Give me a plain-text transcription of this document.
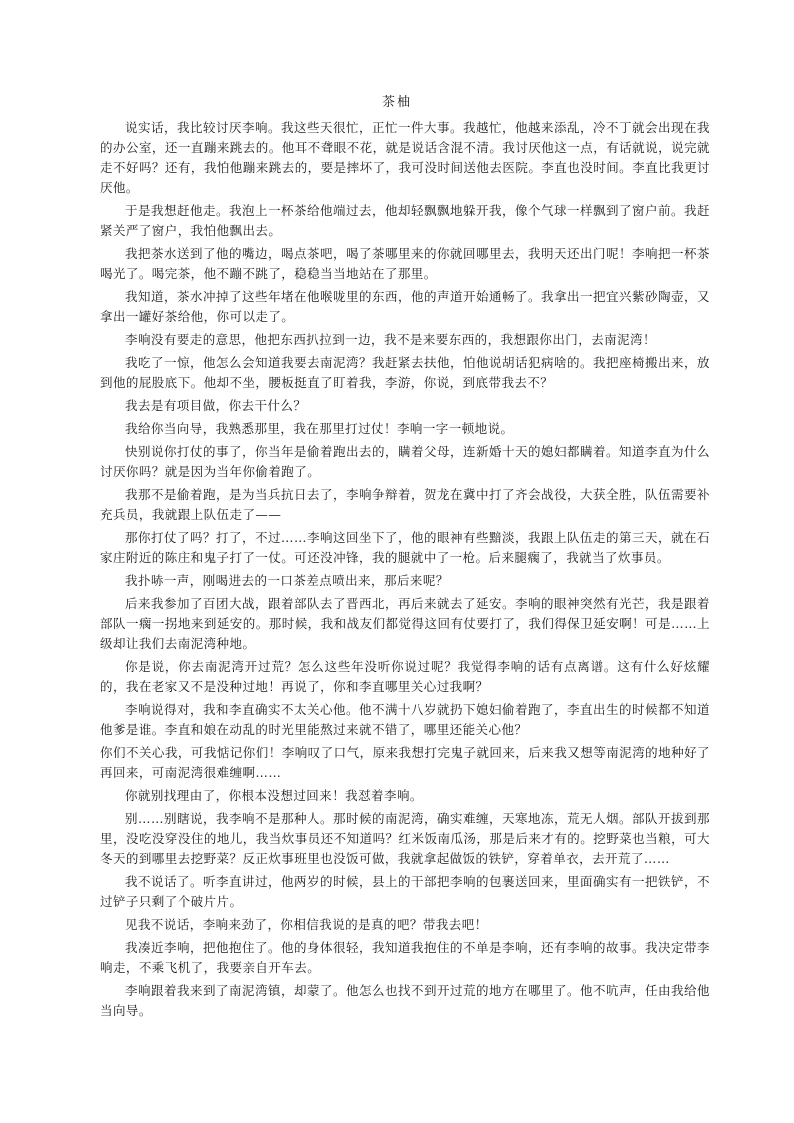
茶柚

说实话，我比较讨厌李响。我这些天很忙，正忙一件大事。我越忙，他越来添乱，冷不丁就会出现在我的办公室，还一直蹦来跳去的。他耳不聋眼不花，就是说话含混不清。我讨厌他这一点，有话就说，说完就走不好吗？还有，我怕他蹦来跳去的，要是摔坏了，我可没时间送他去医院。李直也没时间。李直比我更讨厌他。

于是我想赶他走。我泡上一杯茶给他端过去，他却轻飘飘地躲开我，像个气球一样飘到了窗户前。我赶紧关严了窗户，我怕他飘出去。

我把茶水送到了他的嘴边，喝点茶吧，喝了茶哪里来的你就回哪里去，我明天还出门呢！李响把一杯茶喝光了。喝完茶，他不蹦不跳了，稳稳当当地站在了那里。

我知道，茶水冲掉了这些年堵在他喉咙里的东西，他的声道开始通畅了。我拿出一把宜兴紫砂陶壶，又拿出一罐好茶给他，你可以走了。

李响没有要走的意思，他把东西扒拉到一边，我不是来要东西的，我想跟你出门，去南泥湾！

我吃了一惊，他怎么会知道我要去南泥湾？我赶紧去扶他，怕他说胡话犯病啥的。我把座椅搬出来，放到他的屁股底下。他却不坐，腰板挺直了盯着我，李游，你说，到底带我去不？

我去是有项目做，你去干什么？

我给你当向导，我熟悉那里，我在那里打过仗！李响一字一顿地说。

快别说你打仗的事了，你当年是偷着跑出去的，瞒着父母，连新婚十天的媳妇都瞒着。知道李直为什么讨厌你吗？就是因为当年你偷着跑了。

我那不是偷着跑，是为当兵抗日去了，李响争辩着，贺龙在冀中打了齐会战役，大获全胜，队伍需要补充兵员，我就跟上队伍走了——

那你打仗了吗？打了，不过……李响这回坐下了，他的眼神有些黯淡，我跟上队伍走的第三天，就在石家庄附近的陈庄和鬼子打了一仗。可还没冲锋，我的腿就中了一枪。后来腿瘸了，我就当了炊事员。

我扑哧一声，刚喝进去的一口茶差点喷出来，那后来呢？

后来我参加了百团大战，跟着部队去了晋西北，再后来就去了延安。李响的眼神突然有光芒，我是跟着部队一瘸一拐地来到延安的。那时候，我和战友们都觉得这回有仗要打了，我们得保卫延安啊！可是……上级却让我们去南泥湾种地。

你是说，你去南泥湾开过荒？怎么这些年没听你说过呢？我觉得李响的话有点离谱。这有什么好炫耀的，我在老家又不是没种过地！再说了，你和李直哪里关心过我啊？

李响说得对，我和李直确实不太关心他。他不满十八岁就扔下媳妇偷着跑了，李直出生的时候都不知道他爹是谁。李直和娘在动乱的时光里能熬过来就不错了，哪里还能关心他？

你们不关心我，可我惦记你们！李响叹了口气，原来我想打完鬼子就回来，后来我又想等南泥湾的地种好了再回来，可南泥湾很难缠啊……

你就别找理由了，你根本没想过回来！我怼着李响。

别……别瞎说，我李响不是那种人。那时候的南泥湾，确实难缠，天寒地冻，荒无人烟。部队开拔到那里，没吃没穿没住的地儿，我当炊事员还不知道吗？红米饭南瓜汤，那是后来才有的。挖野菜也当粮，可大冬天的到哪里去挖野菜？反正炊事班里也没饭可做，我就拿起做饭的铁铲，穿着单衣，去开荒了……

我不说话了。听李直讲过，他两岁的时候，县上的干部把李响的包裹送回来，里面确实有一把铁铲，不过铲子只剩了个破片片。

见我不说话，李响来劲了，你相信我说的是真的吧？带我去吧！

我凑近李响，把他抱住了。他的身体很轻，我知道我抱住的不单是李响，还有李响的故事。我决定带李响走，不乘飞机了，我要亲自开车去。

李响跟着我来到了南泥湾镇，却蒙了。他怎么也找不到开过荒的地方在哪里了。他不吭声，任由我给他当向导。
